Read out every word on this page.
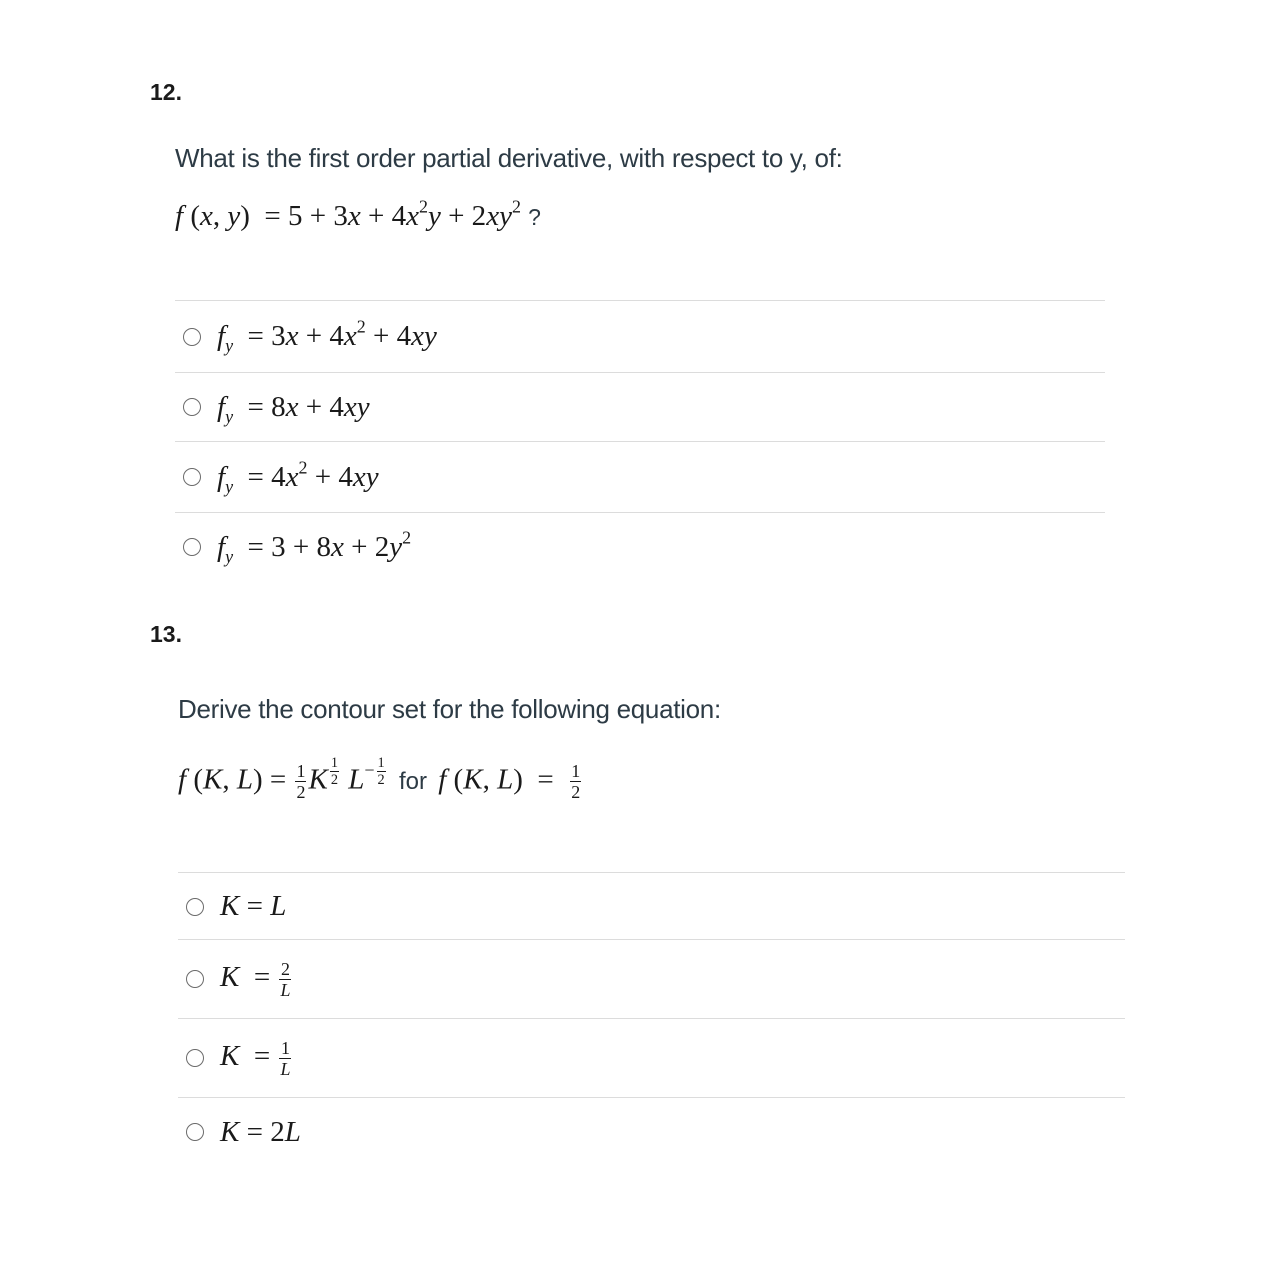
12.
What is the first order partial derivative, with respect to y, of:
f (x, $y) = 5 + 3x + 4x^2y + 2xy^2$ ?
$f_y = 3x + 4x^2 + 4xy$
$f_y = 8x + 4xy$
$f_y = 4x^2 + 4xy$
$f_y = 3 + 8x + 2y^2$
13.
Derive the contour set for the following equation:
f (K, $L) = \frac{1}{2}$ K $^{\frac{1}{2}}$ $L^{- \frac{1}{2}}$ for f (K, $L) = \frac{1}{2}$
K = L
$K = \frac{2}{L}$
$K = \frac{1}{L}$
K = 2L
